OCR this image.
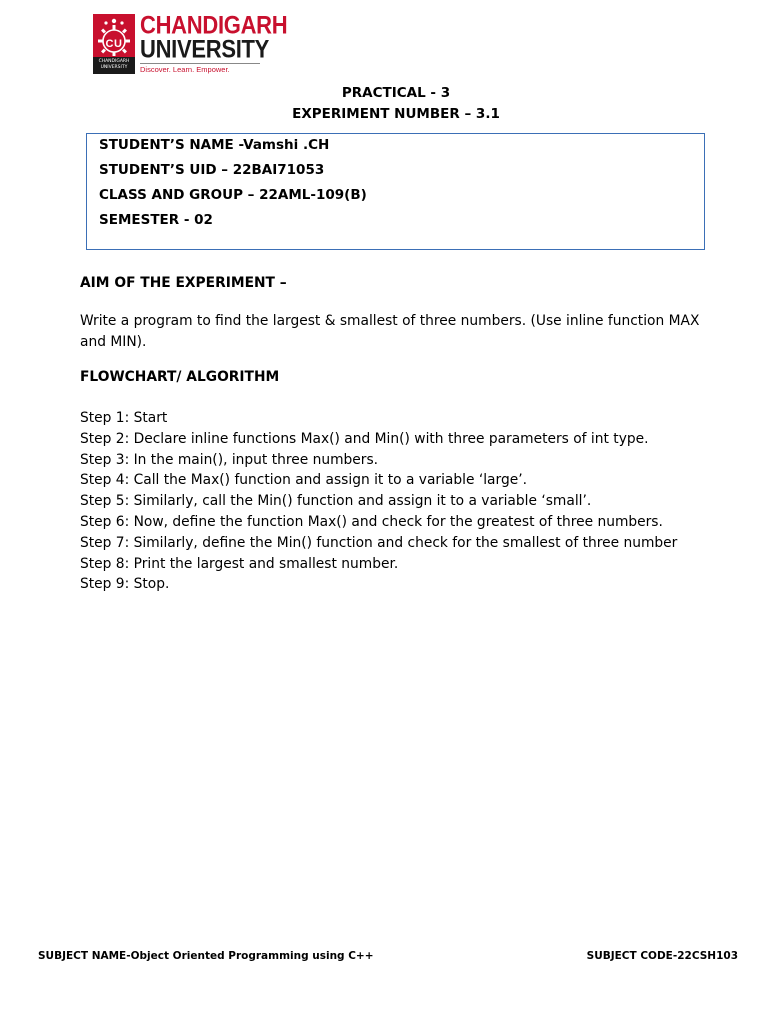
CU
CHANDIGARH UNIVERSITY
CHANDIGARH
UNIVERSITY
Discover. Learn. Empower.
PRACTICAL - 3
EXPERIMENT NUMBER – 3.1
STUDENT’S NAME -Vamshi .CH
STUDENT’S UID – 22BAI71053
CLASS AND GROUP – 22AML-109(B)
SEMESTER - 02
AIM OF THE EXPERIMENT –
Write a program to find the largest & smallest of three numbers. (Use inline function MAX and MIN).
FLOWCHART/ ALGORITHM
Step 1: Start
Step 2: Declare inline functions Max() and Min() with three parameters of int type.
Step 3: In the main(), input three numbers.
Step 4: Call the Max() function and assign it to a variable ‘large’.
Step 5: Similarly, call the Min() function and assign it to a variable ‘small’.
Step 6: Now, define the function Max() and check for the greatest of three numbers.
Step 7: Similarly, define the Min() function and check for the smallest of three number
Step 8: Print the largest and smallest number.
Step 9: Stop.
SUBJECT NAME-Object Oriented Programming using C++	SUBJECT CODE-22CSH103
